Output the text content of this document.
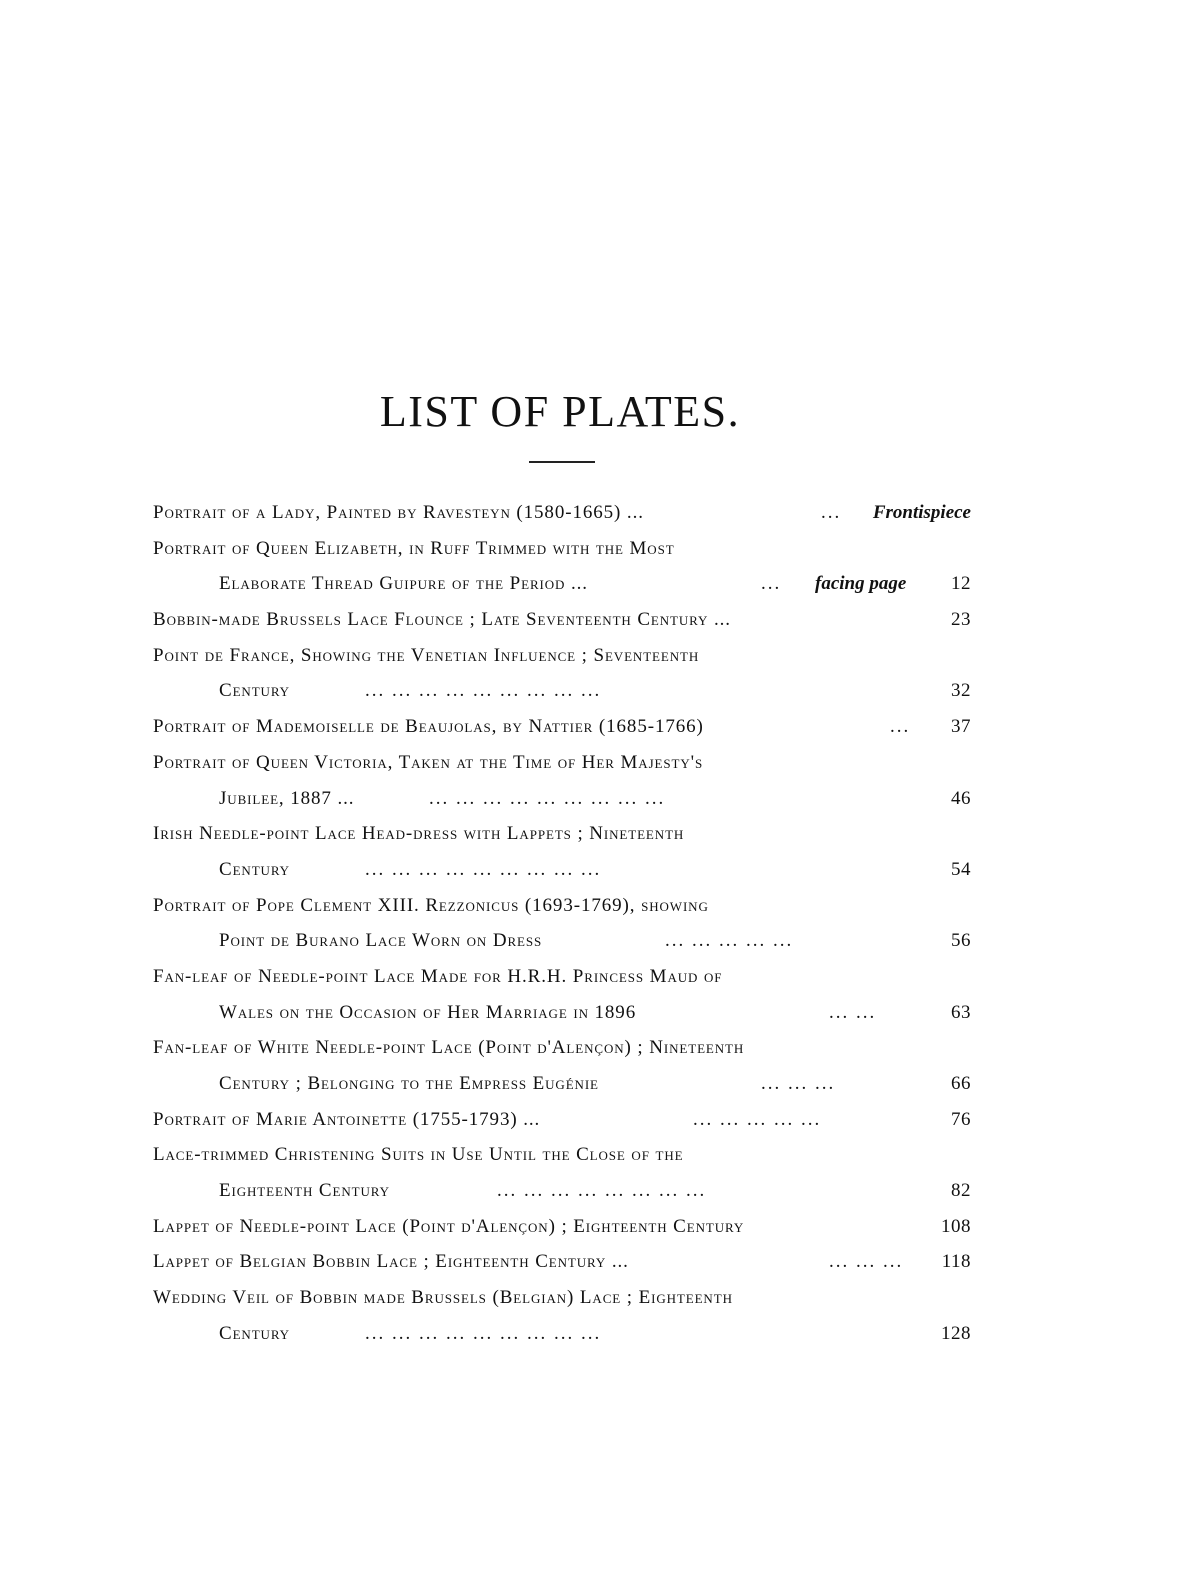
LIST OF PLATES.
Portrait of a Lady, Painted by Ravesteyn (1580-1665) ...	... Frontispiece
Portrait of Queen Elizabeth, in Ruff Trimmed with the Most
Elaborate Thread Guipure of the Period ...	... facing page 12
Bobbin-made Brussels Lace Flounce ; Late Seventeenth Century ...	23
Point de France, Showing the Venetian Influence ; Seventeenth
Century	... ... ... ... ... ... ... ... ...	32
Portrait of Mademoiselle de Beaujolas, by Nattier (1685-1766)	... 37
Portrait of Queen Victoria, Taken at the Time of Her Majesty's
Jubilee, 1887 ...	... ... ... ... ... ... ... ... ...	46
Irish Needle-point Lace Head-dress with Lappets ; Nineteenth
Century	... ... ... ... ... ... ... ... ...	54
Portrait of Pope Clement XIII. Rezzonicus (1693-1769), showing
Point de Burano Lace Worn on Dress	... ... ... ... ...	56
Fan-leaf of Needle-point Lace Made for H.R.H. Princess Maud of
Wales on the Occasion of Her Marriage in 1896	... ...	63
Fan-leaf of White Needle-point Lace (Point d'Alençon) ; Nineteenth
Century ; Belonging to the Empress Eugénie	... ... ...	66
Portrait of Marie Antoinette (1755-1793) ...	... ... ... ... ...	76
Lace-trimmed Christening Suits in Use Until the Close of the
Eighteenth Century	... ... ... ... ... ... ... ...	82
Lappet of Needle-point Lace (Point d'Alençon) ; Eighteenth Century	108
Lappet of Belgian Bobbin Lace ; Eighteenth Century ...	... ... ... 118
Wedding Veil of Bobbin made Brussels (Belgian) Lace ; Eighteenth
Century	... ... ... ... ... ... ... ... ...	128
